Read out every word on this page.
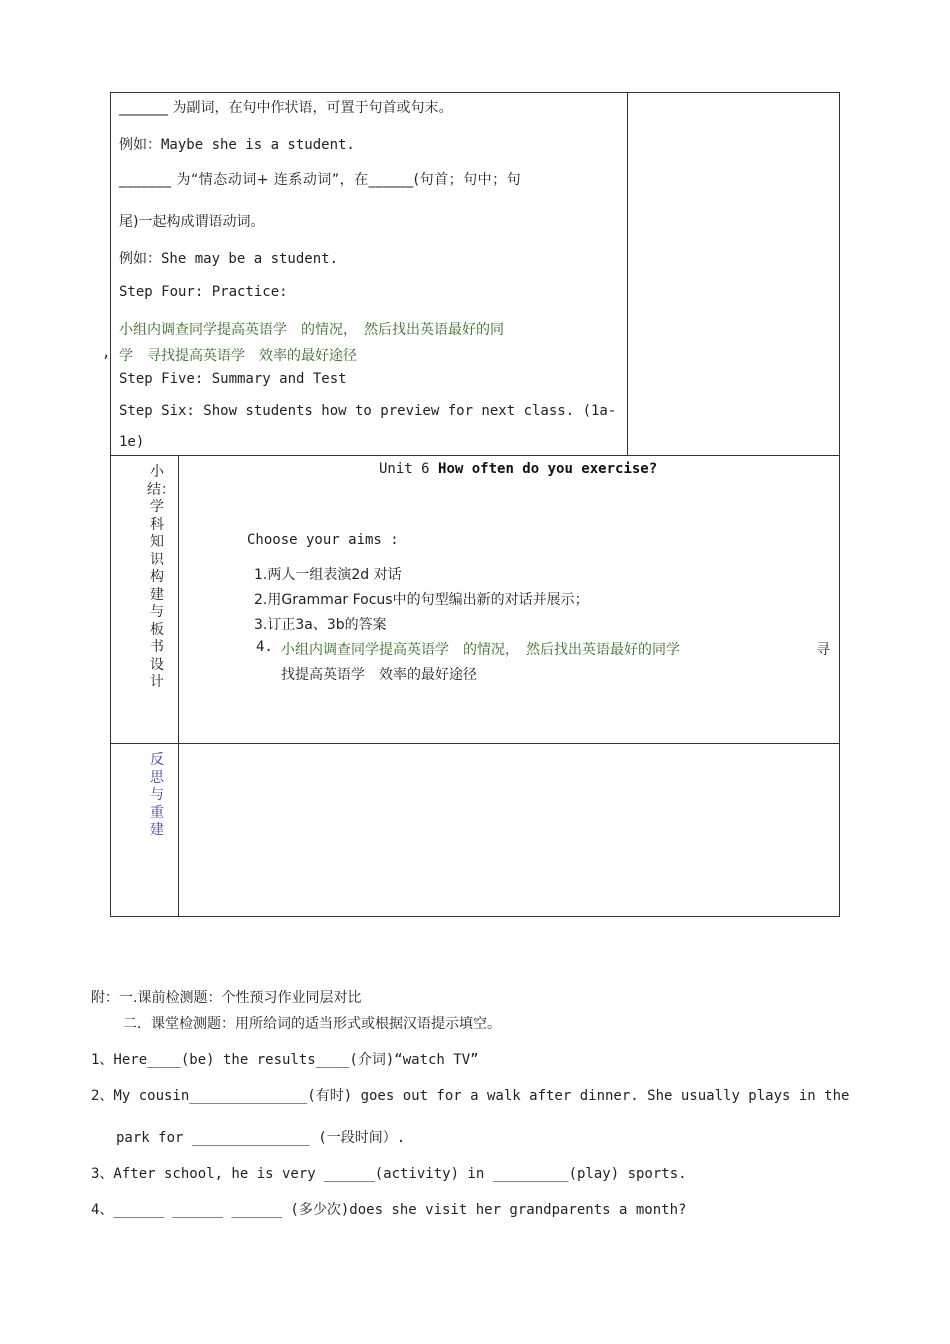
_______ 为副词，在句中作状语，可置于句首或句末。
例如：Maybe she is a student.
_______ 为“情态动词+ 连系动词”，在______(句首；句中；句
尾)一起构成谓语动词。
例如：She may be a student.
Step Four: Practice:
小组内调查同学提高英语学　的情况，　然后找出英语最好的同
, 学　寻找提高英语学　效率的最好途径
Step Five: Summary and Test
Step Six: Show students how to preview for next class. (1a-
1e)
小结：学科知识构建与板书设计
Unit 6 How often do you exercise?
Choose your aims :
1.两人一组表演2d 对话
2.用Grammar Focus中的句型编出新的对话并展示；
3.订正3a、3b的答案
4. 小组内调查同学提高英语学　的情况，　然后找出英语最好的同学	寻
找提高英语学　效率的最好途径
反思与重建
附：一.课前检测题：个性预习作业同层对比
二．课堂检测题：用所给词的适当形式或根据汉语提示填空。
1、Here____(be) the results____(介词)“watch TV”
2、My cousin______________(有时) goes out for a walk after dinner. She usually plays in the
park for ______________ (一段时间）.
3、After school, he is very ______(activity) in _________(play) sports.
4、______ ______ ______ (多少次)does she visit her grandparents a month?
